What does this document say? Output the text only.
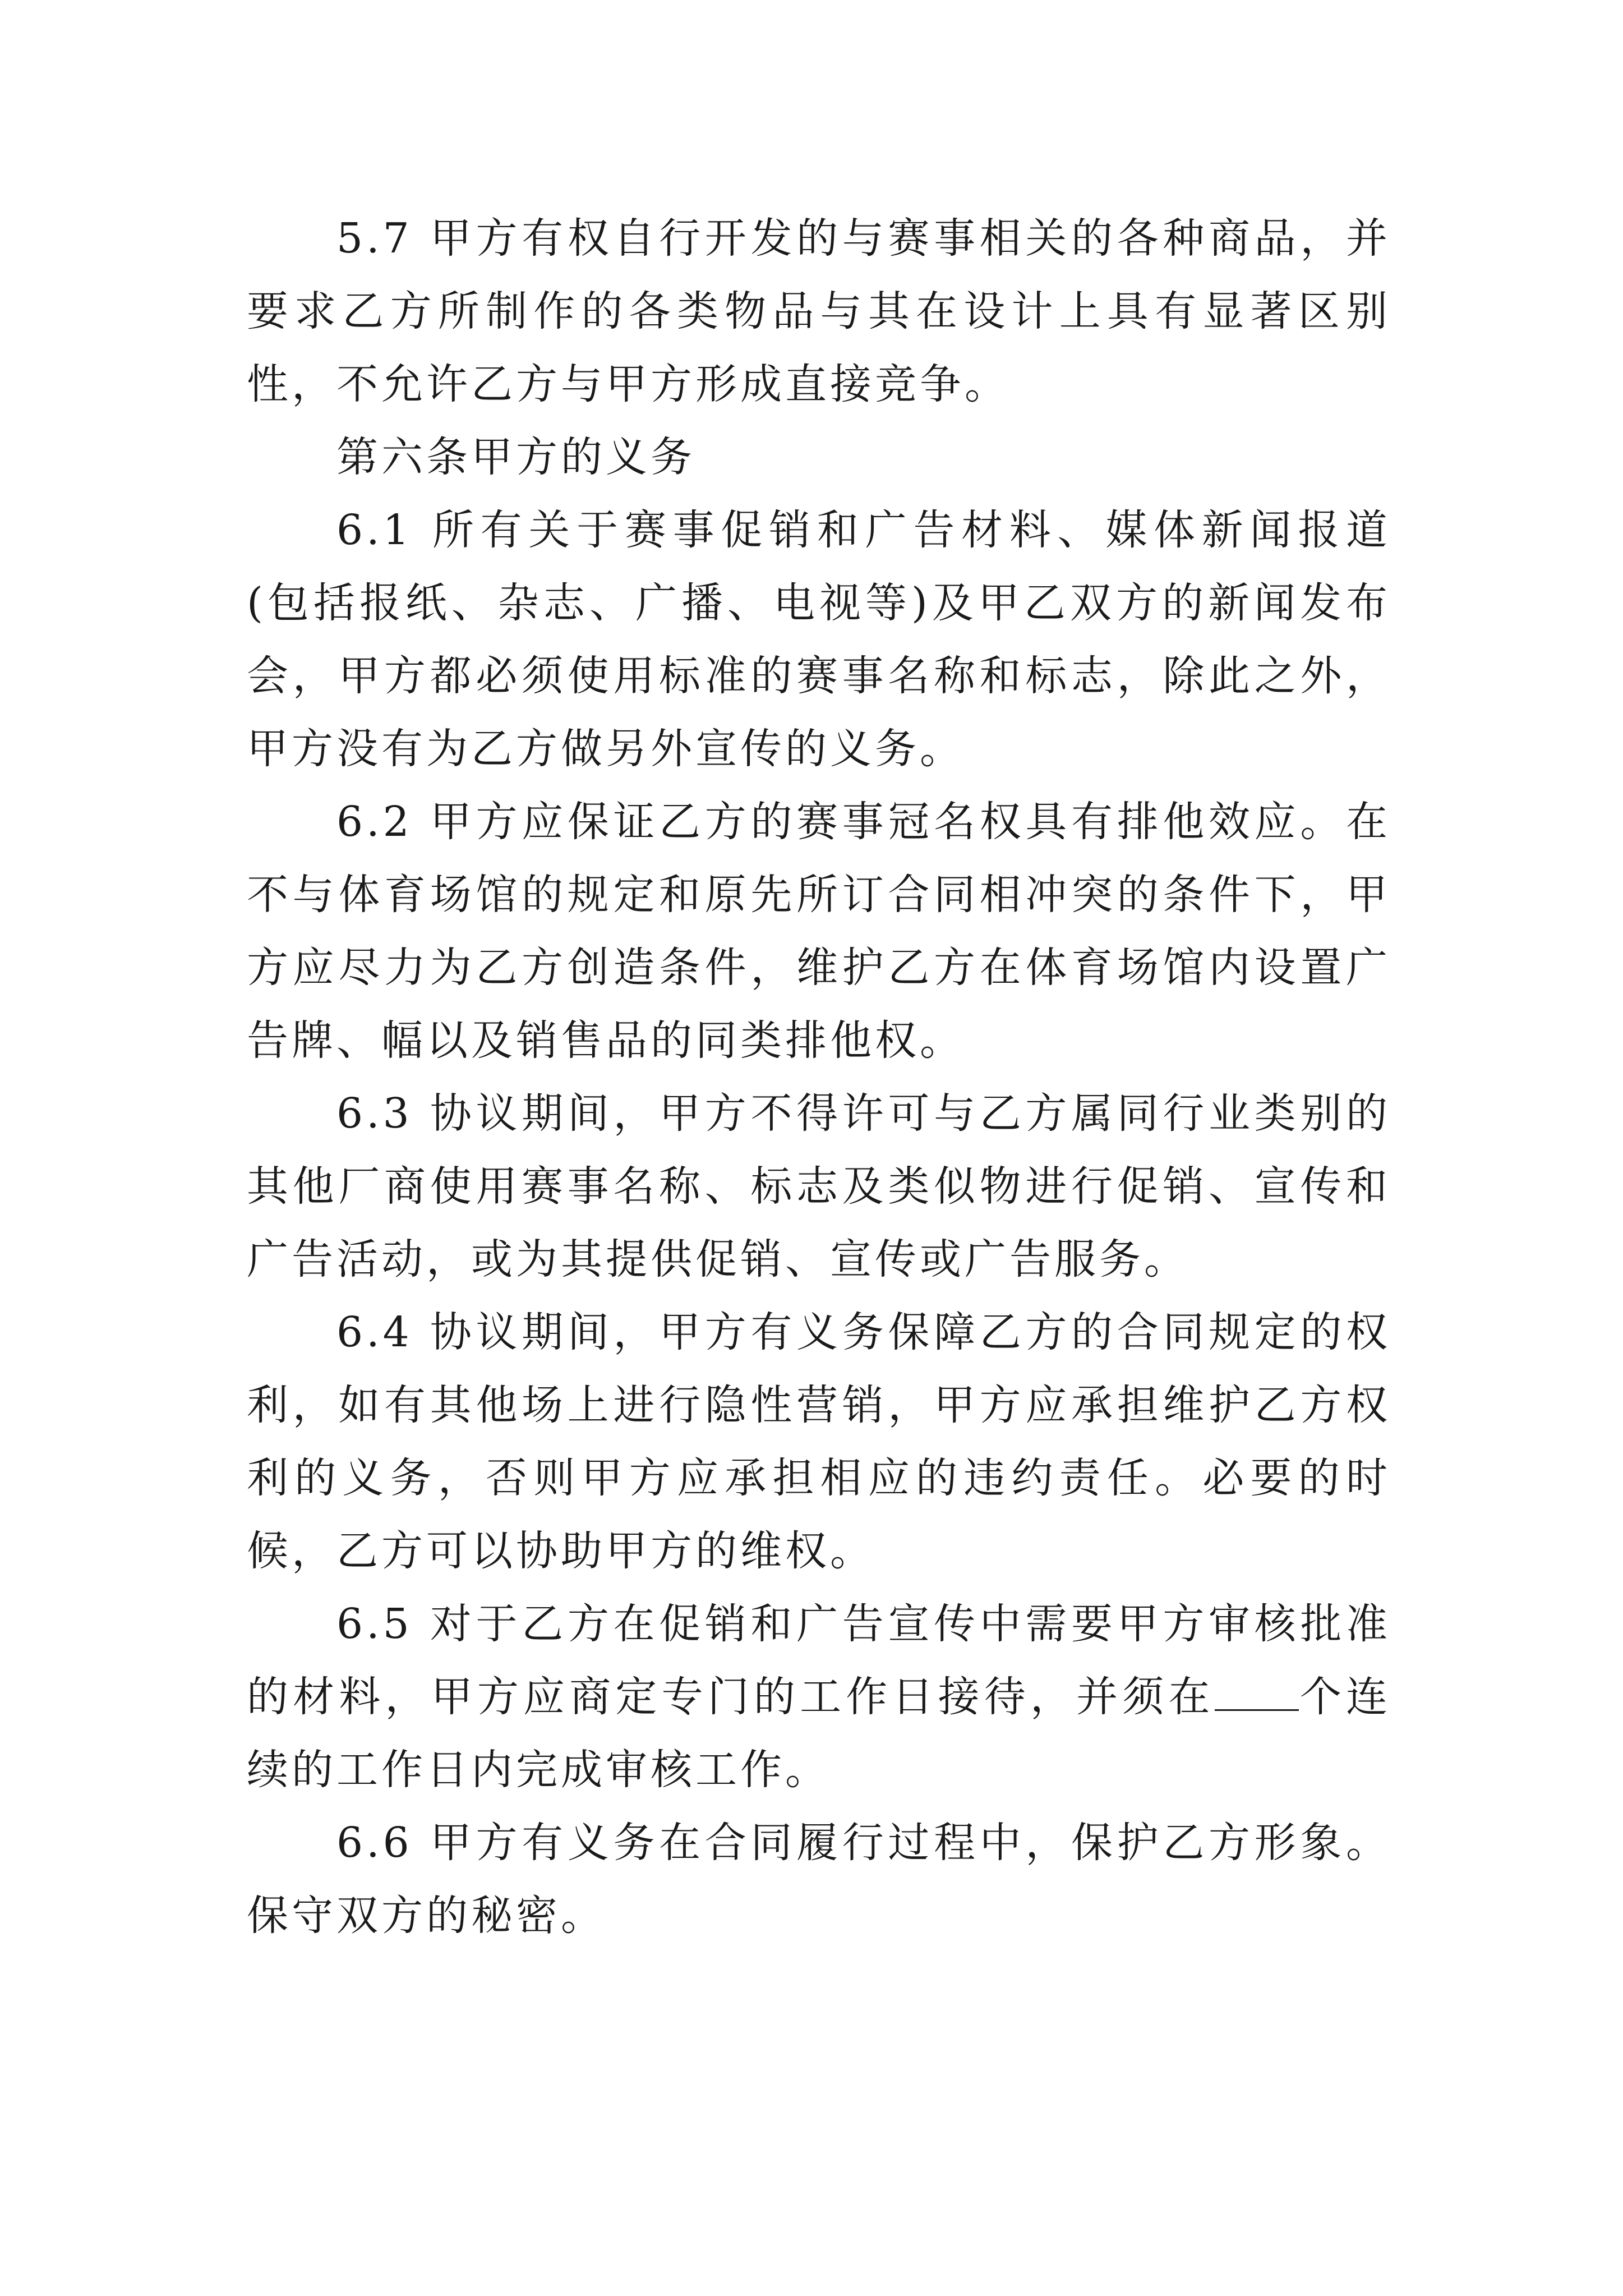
5.7 甲方有权自行开发的与赛事相关的各种商品，并要求乙方所制作的各类物品与其在设计上具有显著区别性，不允许乙方与甲方形成直接竞争。

第六条甲方的义务

6.1 所有关于赛事促销和广告材料、媒体新闻报道(包括报纸、杂志、广播、电视等)及甲乙双方的新闻发布会，甲方都必须使用标准的赛事名称和标志，除此之外，甲方没有为乙方做另外宣传的义务。

6.2 甲方应保证乙方的赛事冠名权具有排他效应。在不与体育场馆的规定和原先所订合同相冲突的条件下，甲方应尽力为乙方创造条件，维护乙方在体育场馆内设置广告牌、幅以及销售品的同类排他权。

6.3 协议期间，甲方不得许可与乙方属同行业类别的其他厂商使用赛事名称、标志及类似物进行促销、宣传和广告活动，或为其提供促销、宣传或广告服务。

6.4 协议期间，甲方有义务保障乙方的合同规定的权利，如有其他场上进行隐性营销，甲方应承担维护乙方权利的义务，否则甲方应承担相应的违约责任。必要的时候，乙方可以协助甲方的维权。

6.5 对于乙方在促销和广告宣传中需要甲方审核批准的材料，甲方应商定专门的工作日接待，并须在 个连续的工作日内完成审核工作。

6.6 甲方有义务在合同履行过程中，保护乙方形象。保守双方的秘密。
